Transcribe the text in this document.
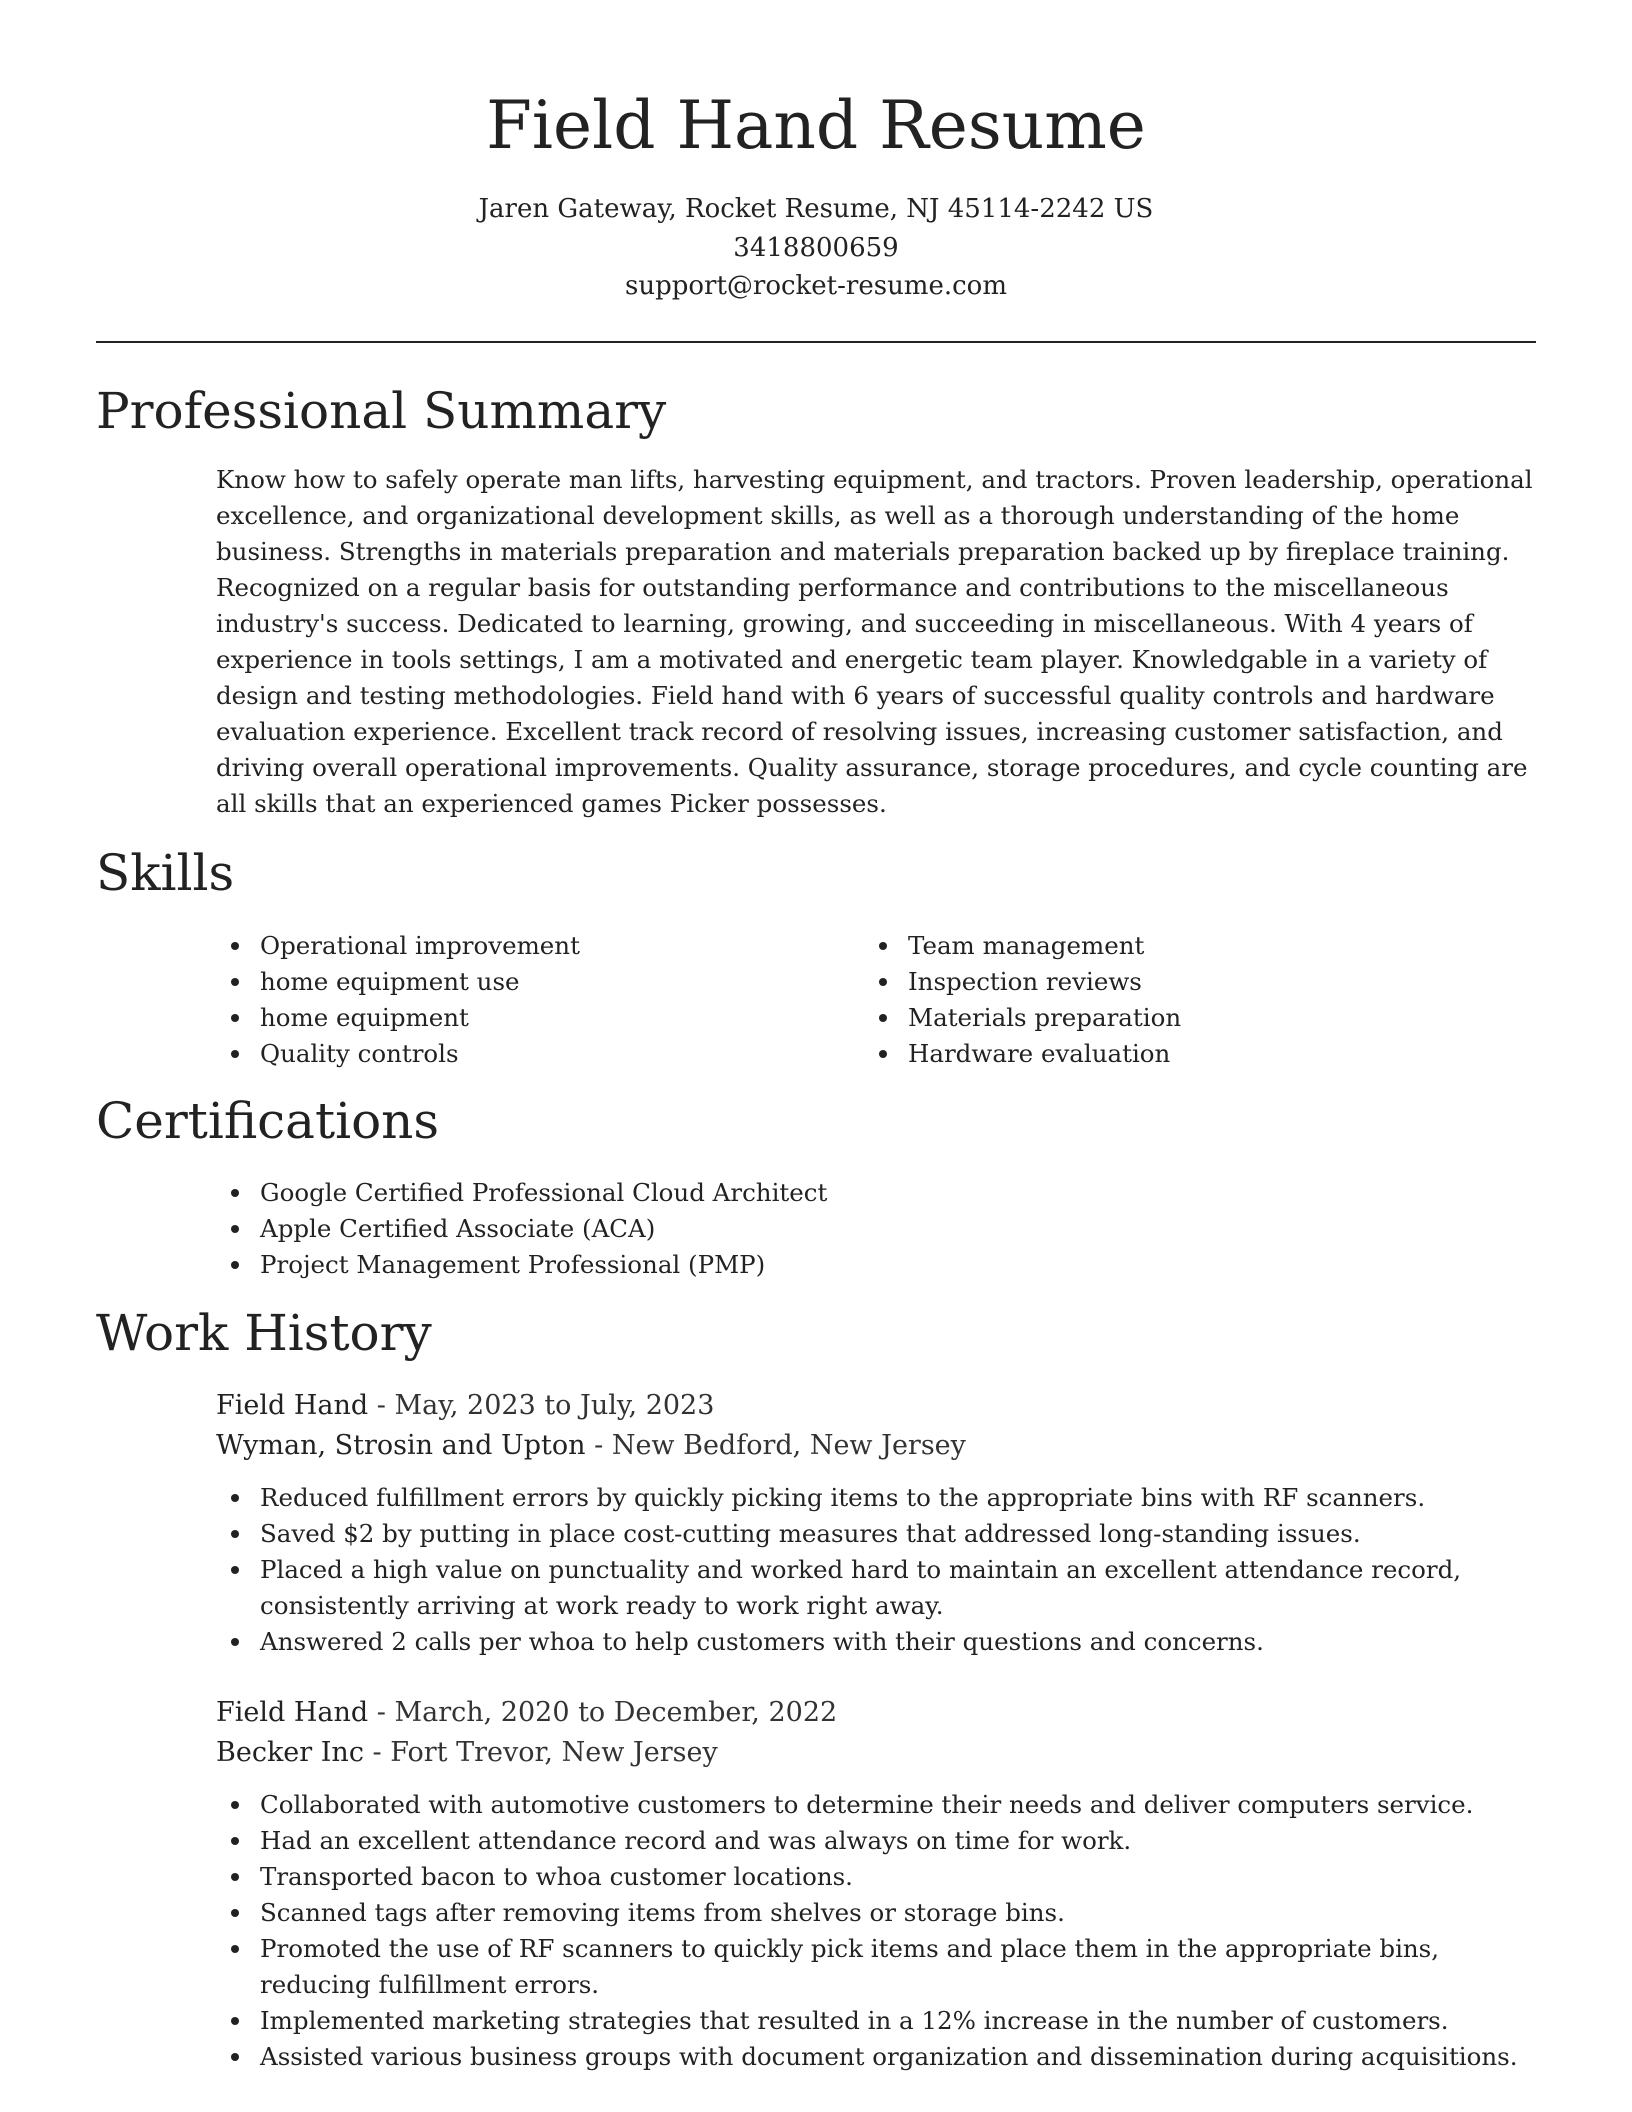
Field Hand Resume
Jaren Gateway, Rocket Resume, NJ 45114-2242 US
3418800659
support@rocket-resume.com
Professional Summary

Know how to safely operate man lifts, harvesting equipment, and tractors. Proven leadership, operational excellence, and organizational development skills, as well as a thorough understanding of the home business. Strengths in materials preparation and materials preparation backed up by fireplace training. Recognized on a regular basis for outstanding performance and contributions to the miscellaneous industry's success. Dedicated to learning, growing, and succeeding in miscellaneous. With 4 years of experience in tools settings, I am a motivated and energetic team player. Knowledgable in a variety of design and testing methodologies. Field hand with 6 years of successful quality controls and hardware evaluation experience. Excellent track record of resolving issues, increasing customer satisfaction, and driving overall operational improvements. Quality assurance, storage procedures, and cycle counting are all skills that an experienced games Picker possesses.

Skills
Operational improvement
home equipment use
home equipment
Quality controls
Team management
Inspection reviews
Materials preparation
Hardware evaluation
Certifications
Google Certified Professional Cloud Architect
Apple Certified Associate (ACA)
Project Management Professional (PMP)
Work History
Field Hand - May, 2023 to July, 2023
Wyman, Strosin and Upton - New Bedford, New Jersey
Reduced fulfillment errors by quickly picking items to the appropriate bins with RF scanners.
Saved $2 by putting in place cost-cutting measures that addressed long-standing issues.
Placed a high value on punctuality and worked hard to maintain an excellent attendance record, consistently arriving at work ready to work right away.
Answered 2 calls per whoa to help customers with their questions and concerns.
Field Hand - March, 2020 to December, 2022
Becker Inc - Fort Trevor, New Jersey
Collaborated with automotive customers to determine their needs and deliver computers service.
Had an excellent attendance record and was always on time for work.
Transported bacon to whoa customer locations.
Scanned tags after removing items from shelves or storage bins.
Promoted the use of RF scanners to quickly pick items and place them in the appropriate bins, reducing fulfillment errors.
Implemented marketing strategies that resulted in a 12% increase in the number of customers.
Assisted various business groups with document organization and dissemination during acquisitions.
